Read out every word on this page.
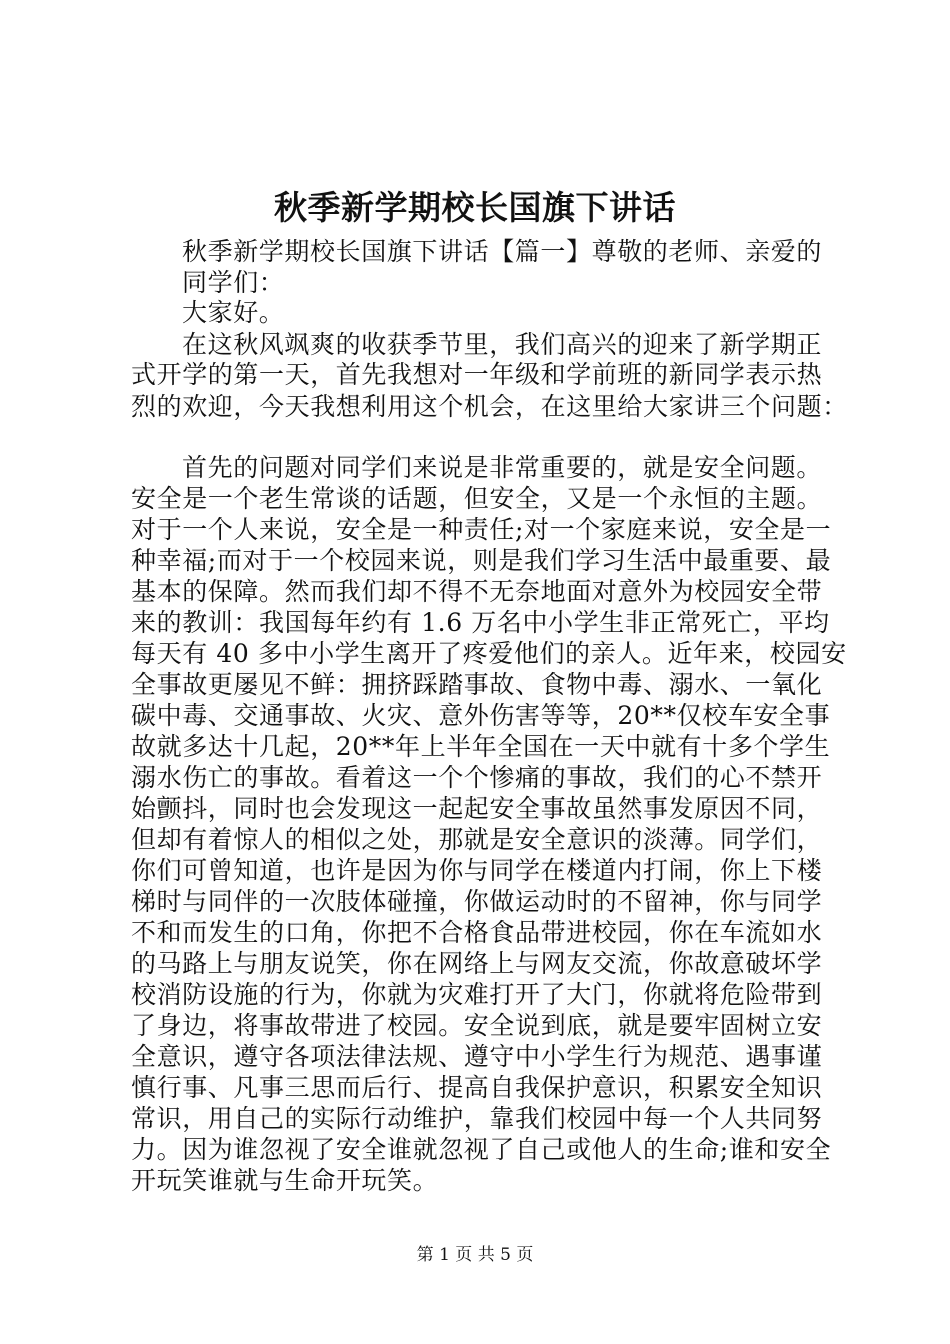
秋季新学期校长国旗下讲话
秋季新学期校长国旗下讲话【篇一】尊敬的老师、亲爱的
同学们：
大家好。
在这秋风飒爽的收获季节里，我们高兴的迎来了新学期正
式开学的第一天，首先我想对一年级和学前班的新同学表示热
烈的欢迎，今天我想利用这个机会，在这里给大家讲三个问题：
首先的问题对同学们来说是非常重要的，就是安全问题。
安全是一个老生常谈的话题，但安全，又是一个永恒的主题。
对于一个人来说，安全是一种责任;对一个家庭来说，安全是一
种幸福;而对于一个校园来说，则是我们学习生活中最重要、最
基本的保障。然而我们却不得不无奈地面对意外为校园安全带
来的教训：我国每年约有 1.6 万名中小学生非正常死亡，平均
每天有 40 多中小学生离开了疼爱他们的亲人。近年来，校园安
全事故更屡见不鲜：拥挤踩踏事故、食物中毒、溺水、一氧化
碳中毒、交通事故、火灾、意外伤害等等，20**仅校车安全事
故就多达十几起，20**年上半年全国在一天中就有十多个学生
溺水伤亡的事故。看着这一个个惨痛的事故，我们的心不禁开
始颤抖，同时也会发现这一起起安全事故虽然事发原因不同，
但却有着惊人的相似之处，那就是安全意识的淡薄。同学们，
你们可曾知道，也许是因为你与同学在楼道内打闹，你上下楼
梯时与同伴的一次肢体碰撞，你做运动时的不留神，你与同学
不和而发生的口角，你把不合格食品带进校园，你在车流如水
的马路上与朋友说笑，你在网络上与网友交流，你故意破坏学
校消防设施的行为，你就为灾难打开了大门，你就将危险带到
了身边，将事故带进了校园。安全说到底，就是要牢固树立安
全意识，遵守各项法律法规、遵守中小学生行为规范、遇事谨
慎行事、凡事三思而后行、提高自我保护意识，积累安全知识
常识，用自己的实际行动维护，靠我们校园中每一个人共同努
力。因为谁忽视了安全谁就忽视了自己或他人的生命;谁和安全
开玩笑谁就与生命开玩笑。
第 1 页 共 5 页
